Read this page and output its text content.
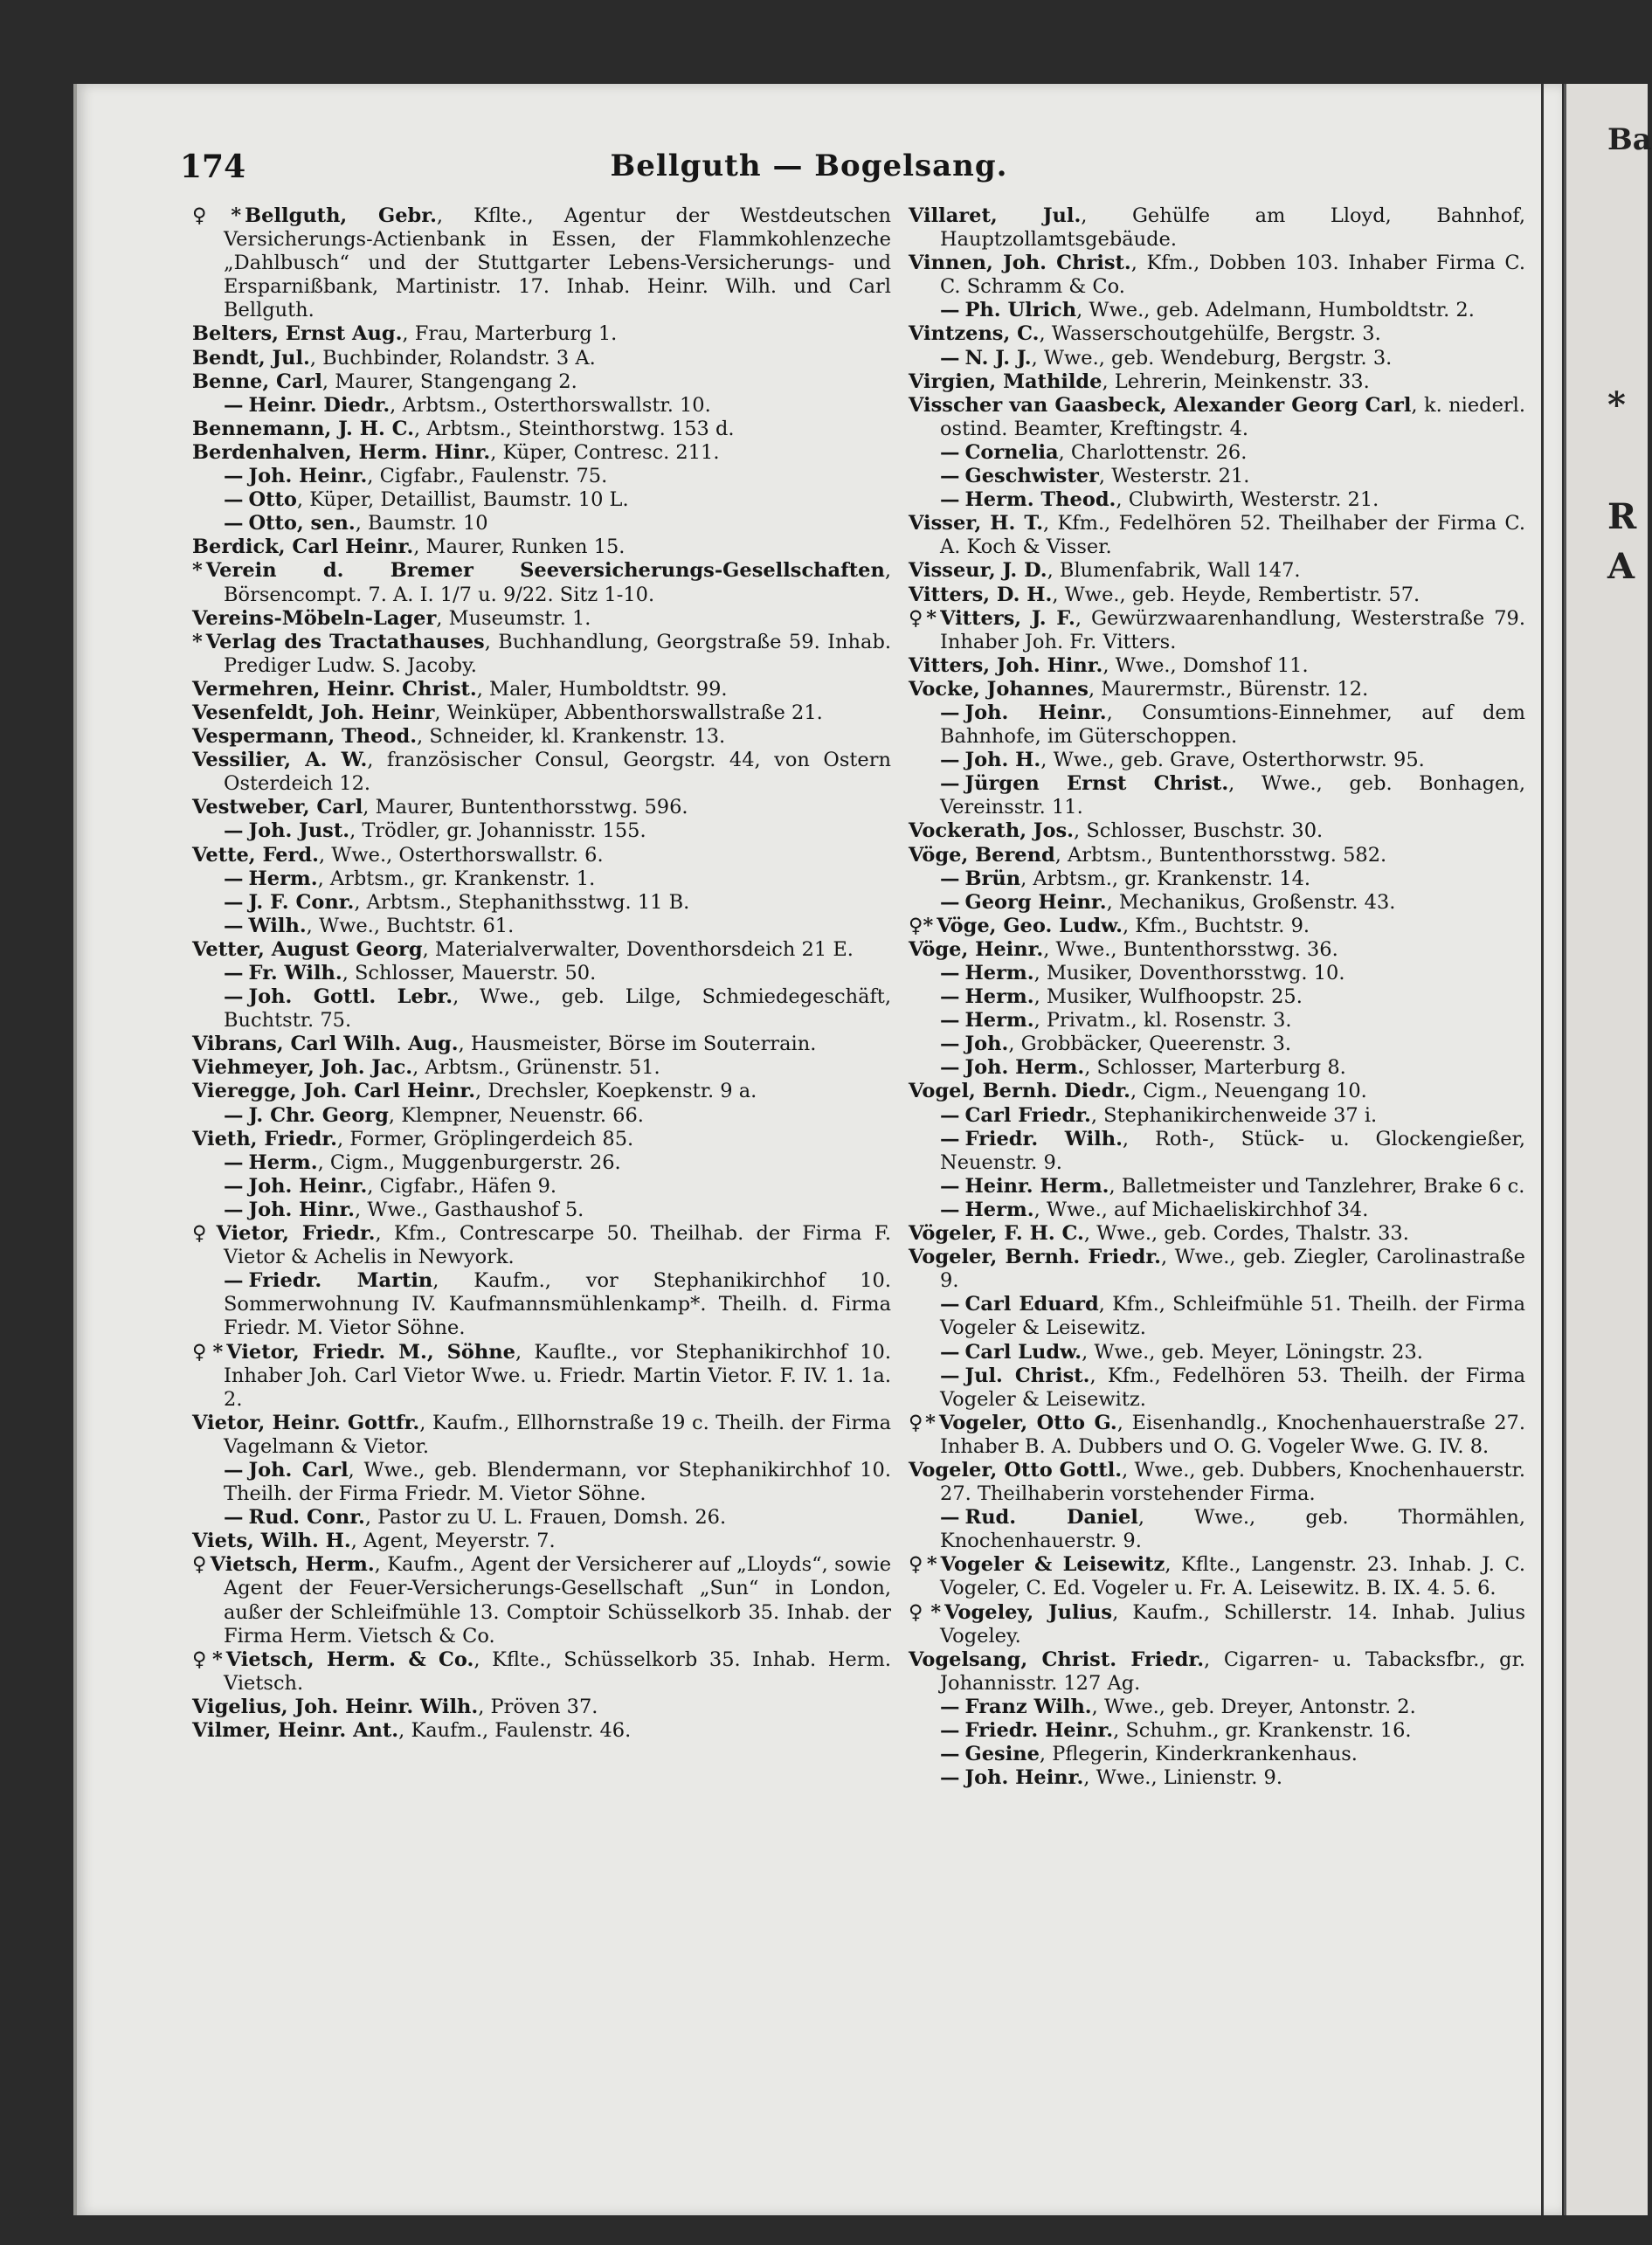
Ba
*
R
A
174	Bellguth — Bogelsang.

♀* Bellguth, Gebr., Kflte., Agentur der Westdeutschen Versicherungs-Actienbank in Essen, der Flammkohlenzeche „Dahlbusch“ und der Stuttgarter Lebens-Versicherungs- und Ersparnißbank, Martinistr. 17. Inhab. Heinr. Wilh. und Carl Bellguth.

Belters, Ernst Aug., Frau, Marterburg 1.

Bendt, Jul., Buchbinder, Rolandstr. 3 A.

Benne, Carl, Maurer, Stangengang 2.

— Heinr. Diedr., Arbtsm., Osterthorswallstr. 10.

Bennemann, J. H. C., Arbtsm., Steinthorstwg. 153 d.

Berdenhalven, Herm. Hinr., Küper, Contresc. 211.

— Joh. Heinr., Cigfabr., Faulenstr. 75.

— Otto, Küper, Detaillist, Baumstr. 10 L.

— Otto, sen., Baumstr. 10

Berdick, Carl Heinr., Maurer, Runken 15.

* Verein d. Bremer Seeversicherungs-Gesellschaften, Börsencompt. 7. A. I. 1/7 u. 9/22. Sitz 1-10.

Vereins-Möbeln-Lager, Museumstr. 1.

* Verlag des Tractathauses, Buchhandlung, Georgstraße 59. Inhab. Prediger Ludw. S. Jacoby.

Vermehren, Heinr. Christ., Maler, Humboldtstr. 99.

Vesenfeldt, Joh. Heinr, Weinküper, Abbenthorswallstraße 21.

Vespermann, Theod., Schneider, kl. Krankenstr. 13.

Vessilier, A. W., französischer Consul, Georgstr. 44, von Ostern Osterdeich 12.

Vestweber, Carl, Maurer, Buntenthorsstwg. 596.

— Joh. Just., Trödler, gr. Johannisstr. 155.

Vette, Ferd., Wwe., Osterthorswallstr. 6.

— Herm., Arbtsm., gr. Krankenstr. 1.

— J. F. Conr., Arbtsm., Stephanithsstwg. 11 B.

— Wilh., Wwe., Buchtstr. 61.

Vetter, August Georg, Materialverwalter, Doventhorsdeich 21 E.

— Fr. Wilh., Schlosser, Mauerstr. 50.

— Joh. Gottl. Lebr., Wwe., geb. Lilge, Schmiedegeschäft, Buchtstr. 75.

Vibrans, Carl Wilh. Aug., Hausmeister, Börse im Souterrain.

Viehmeyer, Joh. Jac., Arbtsm., Grünenstr. 51.

Vieregge, Joh. Carl Heinr., Drechsler, Koepkenstr. 9 a.

— J. Chr. Georg, Klempner, Neuenstr. 66.

Vieth, Friedr., Former, Gröplingerdeich 85.

— Herm., Cigm., Muggenburgerstr. 26.

— Joh. Heinr., Cigfabr., Häfen 9.

— Joh. Hinr., Wwe., Gasthaushof 5.

♀ Vietor, Friedr., Kfm., Contrescarpe 50. Theilhab. der Firma F. Vietor & Achelis in Newyork.

— Friedr. Martin, Kaufm., vor Stephanikirchhof 10. Sommerwohnung IV. Kaufmannsmühlenkamp*. Theilh. d. Firma Friedr. M. Vietor Söhne.

♀* Vietor, Friedr. M., Söhne, Kauflte., vor Stephanikirchhof 10. Inhaber Joh. Carl Vietor Wwe. u. Friedr. Martin Vietor. F. IV. 1. 1a. 2.

Vietor, Heinr. Gottfr., Kaufm., Ellhornstraße 19 c. Theilh. der Firma Vagelmann & Vietor.

— Joh. Carl, Wwe., geb. Blendermann, vor Stephanikirchhof 10. Theilh. der Firma Friedr. M. Vietor Söhne.

— Rud. Conr., Pastor zu U. L. Frauen, Domsh. 26.

Viets, Wilh. H., Agent, Meyerstr. 7.

♀ Vietsch, Herm., Kaufm., Agent der Versicherer auf „Lloyds“, sowie Agent der Feuer-Versicherungs-Gesellschaft „Sun“ in London, außer der Schleifmühle 13. Comptoir Schüsselkorb 35. Inhab. der Firma Herm. Vietsch & Co.

♀* Vietsch, Herm. & Co., Kflte., Schüsselkorb 35. Inhab. Herm. Vietsch.

Vigelius, Joh. Heinr. Wilh., Pröven 37.

Vilmer, Heinr. Ant., Kaufm., Faulenstr. 46.

Villaret, Jul., Gehülfe am Lloyd, Bahnhof, Hauptzollamtsgebäude.

Vinnen, Joh. Christ., Kfm., Dobben 103. Inhaber Firma C. C. Schramm & Co.

— Ph. Ulrich, Wwe., geb. Adelmann, Humboldtstr. 2.

Vintzens, C., Wasserschoutgehülfe, Bergstr. 3.

— N. J. J., Wwe., geb. Wendeburg, Bergstr. 3.

Virgien, Mathilde, Lehrerin, Meinkenstr. 33.

Visscher van Gaasbeck, Alexander Georg Carl, k. niederl. ostind. Beamter, Kreftingstr. 4.

— Cornelia, Charlottenstr. 26.

— Geschwister, Westerstr. 21.

— Herm. Theod., Clubwirth, Westerstr. 21.

Visser, H. T., Kfm., Fedelhören 52. Theilhaber der Firma C. A. Koch & Visser.

Visseur, J. D., Blumenfabrik, Wall 147.

Vitters, D. H., Wwe., geb. Heyde, Rembertistr. 57.

♀* Vitters, J. F., Gewürzwaarenhandlung, Westerstraße 79. Inhaber Joh. Fr. Vitters.

Vitters, Joh. Hinr., Wwe., Domshof 11.

Vocke, Johannes, Maurermstr., Bürenstr. 12.

— Joh. Heinr., Consumtions-Einnehmer, auf dem Bahnhofe, im Güterschoppen.

— Joh. H., Wwe., geb. Grave, Osterthorwstr. 95.

— Jürgen Ernst Christ., Wwe., geb. Bonhagen, Vereinsstr. 11.

Vockerath, Jos., Schlosser, Buschstr. 30.

Vöge, Berend, Arbtsm., Buntenthorsstwg. 582.

— Brün, Arbtsm., gr. Krankenstr. 14.

— Georg Heinr., Mechanikus, Großenstr. 43.

♀* Vöge, Geo. Ludw., Kfm., Buchtstr. 9.

Vöge, Heinr., Wwe., Buntenthorsstwg. 36.

— Herm., Musiker, Doventhorsstwg. 10.

— Herm., Musiker, Wulfhoopstr. 25.

— Herm., Privatm., kl. Rosenstr. 3.

— Joh., Grobbäcker, Queerenstr. 3.

— Joh. Herm., Schlosser, Marterburg 8.

Vogel, Bernh. Diedr., Cigm., Neuengang 10.

— Carl Friedr., Stephanikirchenweide 37 i.

— Friedr. Wilh., Roth-, Stück- u. Glockengießer, Neuenstr. 9.

— Heinr. Herm., Balletmeister und Tanzlehrer, Brake 6 c.

— Herm., Wwe., auf Michaeliskirchhof 34.

Vögeler, F. H. C., Wwe., geb. Cordes, Thalstr. 33.

Vogeler, Bernh. Friedr., Wwe., geb. Ziegler, Carolinastraße 9.

— Carl Eduard, Kfm., Schleifmühle 51. Theilh. der Firma Vogeler & Leisewitz.

— Carl Ludw., Wwe., geb. Meyer, Löningstr. 23.

— Jul. Christ., Kfm., Fedelhören 53. Theilh. der Firma Vogeler & Leisewitz.

♀* Vogeler, Otto G., Eisenhandlg., Knochenhauerstraße 27. Inhaber B. A. Dubbers und O. G. Vogeler Wwe. G. IV. 8.

Vogeler, Otto Gottl., Wwe., geb. Dubbers, Knochenhauerstr. 27. Theilhaberin vorstehender Firma.

— Rud. Daniel, Wwe., geb. Thormählen, Knochenhauerstr. 9.

♀* Vogeler & Leisewitz, Kflte., Langenstr. 23. Inhab. J. C. Vogeler, C. Ed. Vogeler u. Fr. A. Leisewitz. B. IX. 4. 5. 6.

♀* Vogeley, Julius, Kaufm., Schillerstr. 14. Inhab. Julius Vogeley.

Vogelsang, Christ. Friedr., Cigarren- u. Tabacksfbr., gr. Johannisstr. 127 Ag.

— Franz Wilh., Wwe., geb. Dreyer, Antonstr. 2.

— Friedr. Heinr., Schuhm., gr. Krankenstr. 16.

— Gesine, Pflegerin, Kinderkrankenhaus.

— Joh. Heinr., Wwe., Linienstr. 9.
